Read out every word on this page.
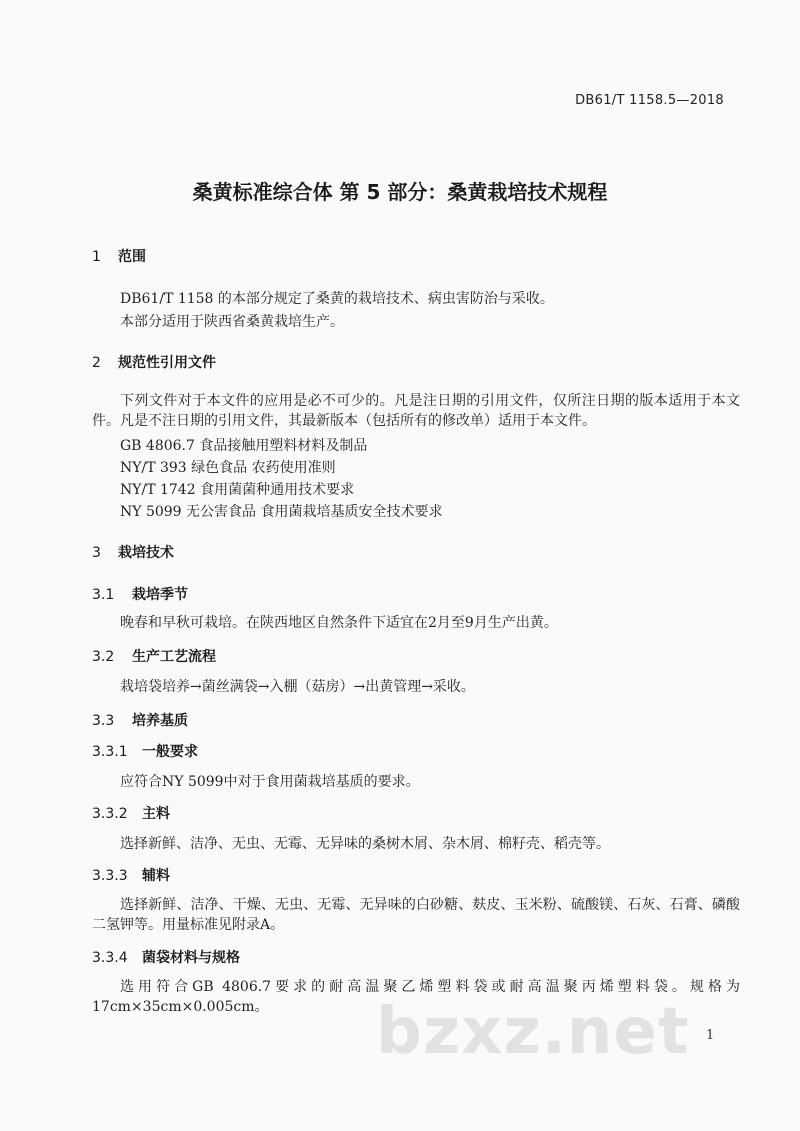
DB61/T 1158.5—2018
桑黄标准综合体 第 5 部分：桑黄栽培技术规程
1 范围
DB61/T 1158 的本部分规定了桑黄的栽培技术、病虫害防治与采收。
本部分适用于陕西省桑黄栽培生产。
2 规范性引用文件
下列文件对于本文件的应用是必不可少的。凡是注日期的引用文件，仅所注日期的版本适用于本文件。凡是不注日期的引用文件，其最新版本（包括所有的修改单）适用于本文件。
GB 4806.7 食品接触用塑料材料及制品
NY/T 393 绿色食品 农药使用准则
NY/T 1742 食用菌菌种通用技术要求
NY 5099 无公害食品 食用菌栽培基质安全技术要求
3 栽培技术
3.1 栽培季节
晚春和早秋可栽培。在陕西地区自然条件下适宜在2月至9月生产出黄。
3.2 生产工艺流程
栽培袋培养→菌丝满袋→入棚（菇房）→出黄管理→采收。
3.3 培养基质
3.3.1 一般要求
应符合NY 5099中对于食用菌栽培基质的要求。
3.3.2 主料
选择新鲜、洁净、无虫、无霉、无异味的桑树木屑、杂木屑、棉籽壳、稻壳等。
3.3.3 辅料
选择新鲜、洁净、干燥、无虫、无霉、无异味的白砂糖、麸皮、玉米粉、硫酸镁、石灰、石膏、磷酸二氢钾等。用量标准见附录A。
3.3.4 菌袋材料与规格
选用符合GB 4806.7要求的耐高温聚乙烯塑料袋或耐高温聚丙烯塑料袋。规格为17cm×35cm×0.005cm。	bzxz.net 1
